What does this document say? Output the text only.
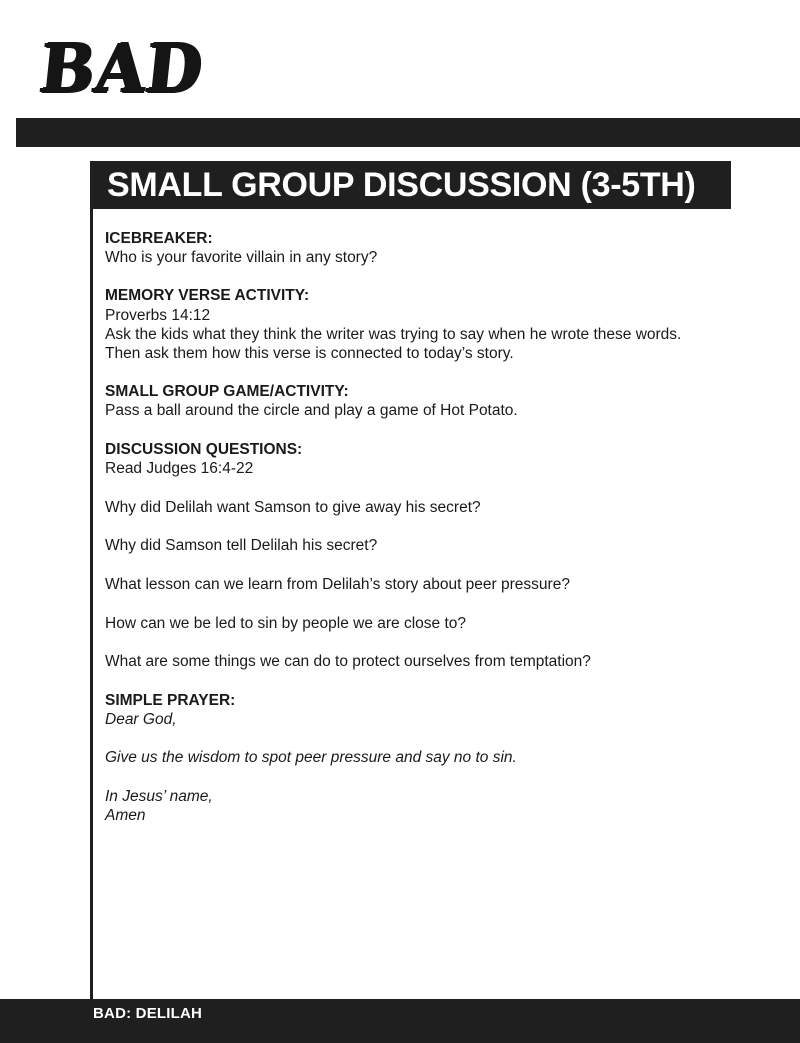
BAD
SMALL GROUP DISCUSSION (3-5TH)
ICEBREAKER:
Who is your favorite villain in any story?
MEMORY VERSE ACTIVITY:
Proverbs 14:12
Ask the kids what they think the writer was trying to say when he wrote these words.
Then ask them how this verse is connected to today’s story.
SMALL GROUP GAME/ACTIVITY:
Pass a ball around the circle and play a game of Hot Potato.
DISCUSSION QUESTIONS:
Read Judges 16:4-22
Why did Delilah want Samson to give away his secret?
Why did Samson tell Delilah his secret?
What lesson can we learn from Delilah’s story about peer pressure?
How can we be led to sin by people we are close to?
What are some things we can do to protect ourselves from temptation?
SIMPLE PRAYER:
Dear God,
Give us the wisdom to spot peer pressure and say no to sin.
In Jesus’ name,
Amen
BAD: DELILAH
